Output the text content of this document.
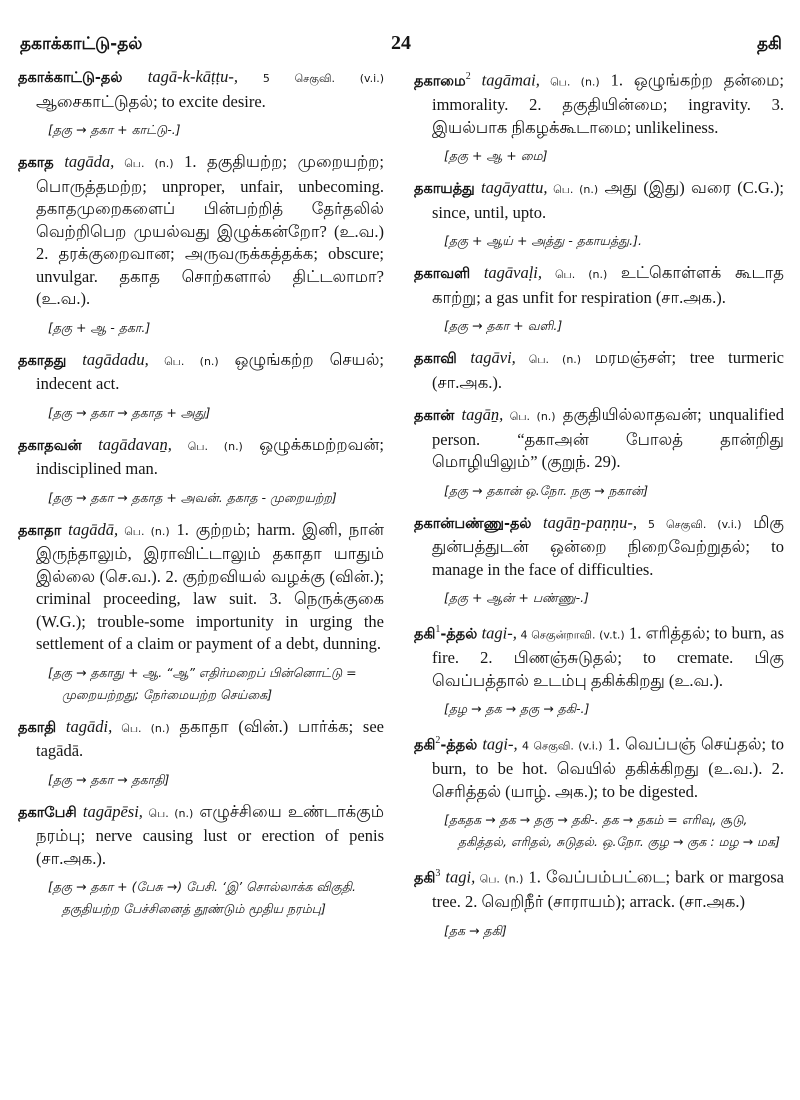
தகாக்காட்டு-தல்	24	தகி

தகாக்காட்டு-தல் tagā-k-kāṭṭu-, 5 செகுவி. (v.i.) ஆசைகாட்டுதல்; to excite desire.

[தகு → தகா + காட்டு-.]

தகாத tagāda, பெ. (n.) 1. தகுதியற்ற; முறையற்ற; பொருத்தமற்ற; unproper, unfair, unbecoming. தகாதமுறைகளைப் பின்பற்றித் தேர்தலில் வெற்றிபெற முயல்வது இழுக்கன்றோ? (உ.வ.) 2. தரக்குறைவான; அருவருக்கத்தக்க; obscure; unvulgar. தகாத சொற்களால் திட்டலாமா? (உ.வ.).

[தகு + ஆ - தகா.]

தகாதது tagādadu, பெ. (n.) ஒழுங்கற்ற செயல்; indecent act.

[தகு → தகா → தகாத + அது]

தகாதவன் tagādavaṉ, பெ. (n.) ஒழுக்கமற்றவன்; indisciplined man.

[தகு → தகா → தகாத + அவன். தகாத - முறையற்ற]

தகாதா tagādā, பெ. (n.) 1. குற்றம்; harm. இனி, நான் இருந்தாலும், இராவிட்டாலும் தகாதா யாதும் இல்லை (செ.வ.). 2. குற்றவியல் வழக்கு (வின்.); criminal proceeding, law suit. 3. நெருக்குகை (W.G.); trouble-some importunity in urging the settlement of a claim or payment of a debt, dunning.

[தகு → தகாது + ஆ. “ஆ” எதிர்மறைப் பின்னொட்டு = முறையற்றது; நேர்மையற்ற செய்கை]

தகாதி tagādi, பெ. (n.) தகாதா (வின்.) பார்க்க; see tagādā.

[தகு → தகா → தகாதி]

தகாபேசி tagāpēsi, பெ. (n.) எழுச்சியை உண்டாக்கும் நரம்பு; nerve causing lust or erection of penis (சா.அக.).

[தகு → தகா + (பேசு →) பேசி. ‘இ’ சொல்லாக்க விகுதி. தகுதியற்ற பேச்சினைத் தூண்டும் மூதிய நரம்பு]

தகாமை$^2$ tagāmai, பெ. (n.) 1. ஒழுங்கற்ற தன்மை; immorality. 2. தகுதியின்மை; ingravity. 3. இயல்பாக நிகழக்கூடாமை; unlikeliness.

[தகு + ஆ + மை]

தகாயத்து tagāyattu, பெ. (n.) அது (இது) வரை (C.G.); since, until, upto.

[தகு + ஆய் + அத்து - தகாயத்து.].

தகாவளி tagāvaḷi, பெ. (n.) உட்கொள்ளக் கூடாத காற்று; a gas unfit for respiration (சா.அக.).

[தகு → தகா + வளி.]

தகாவி tagāvi, பெ. (n.) மரமஞ்சள்; tree turmeric (சா.அக.).

தகான் tagāṉ, பெ. (n.) தகுதியில்லாதவன்; unqualified person. “தகாஅன் போலத் தான்றிது மொழியிலும்” (குறுந். 29).

[தகு → தகான் ஒ.நோ. நகு → நகான்]

தகான்பண்ணு-தல் tagāṉ-paṇṇu-, 5 செகுவி. (v.i.) மிகு துன்பத்துடன் ஒன்றை நிறைவேற்றுதல்; to manage in the face of difficulties.

[தகு + ஆன் + பண்ணு-.]

தகி$^1$-த்தல் tagi-, 4 செகுன்றாவி. (v.t.) 1. எரித்தல்; to burn, as fire. 2. பிணஞ்சுடுதல்; to cremate. பிகு வெப்பத்தால் உடம்பு தகிக்கிறது (உ.வ.).

[தழ → தக → தகு → தகி-.]

தகி$^2$-த்தல் tagi-, 4 செகுவி. (v.i.) 1. வெப்பஞ் செய்தல்; to burn, to be hot. வெயில் தகிக்கிறது (உ.வ.). 2. செரித்தல் (யாழ். அக.); to be digested.

[தகதக → தக → தகு → தகி-. தக → தகம் = எரிவு, சூடு, தகித்தல், எரிதல், சுடுதல். ஒ.நோ. குழ → குக : மழ → மக]

தகி$^3$ tagi, பெ. (n.) 1. வேப்பம்பட்டை; bark or margosa tree. 2. வெறிநீர் (சாராயம்); arrack. (சா.அக.)

[தக → தகி]
